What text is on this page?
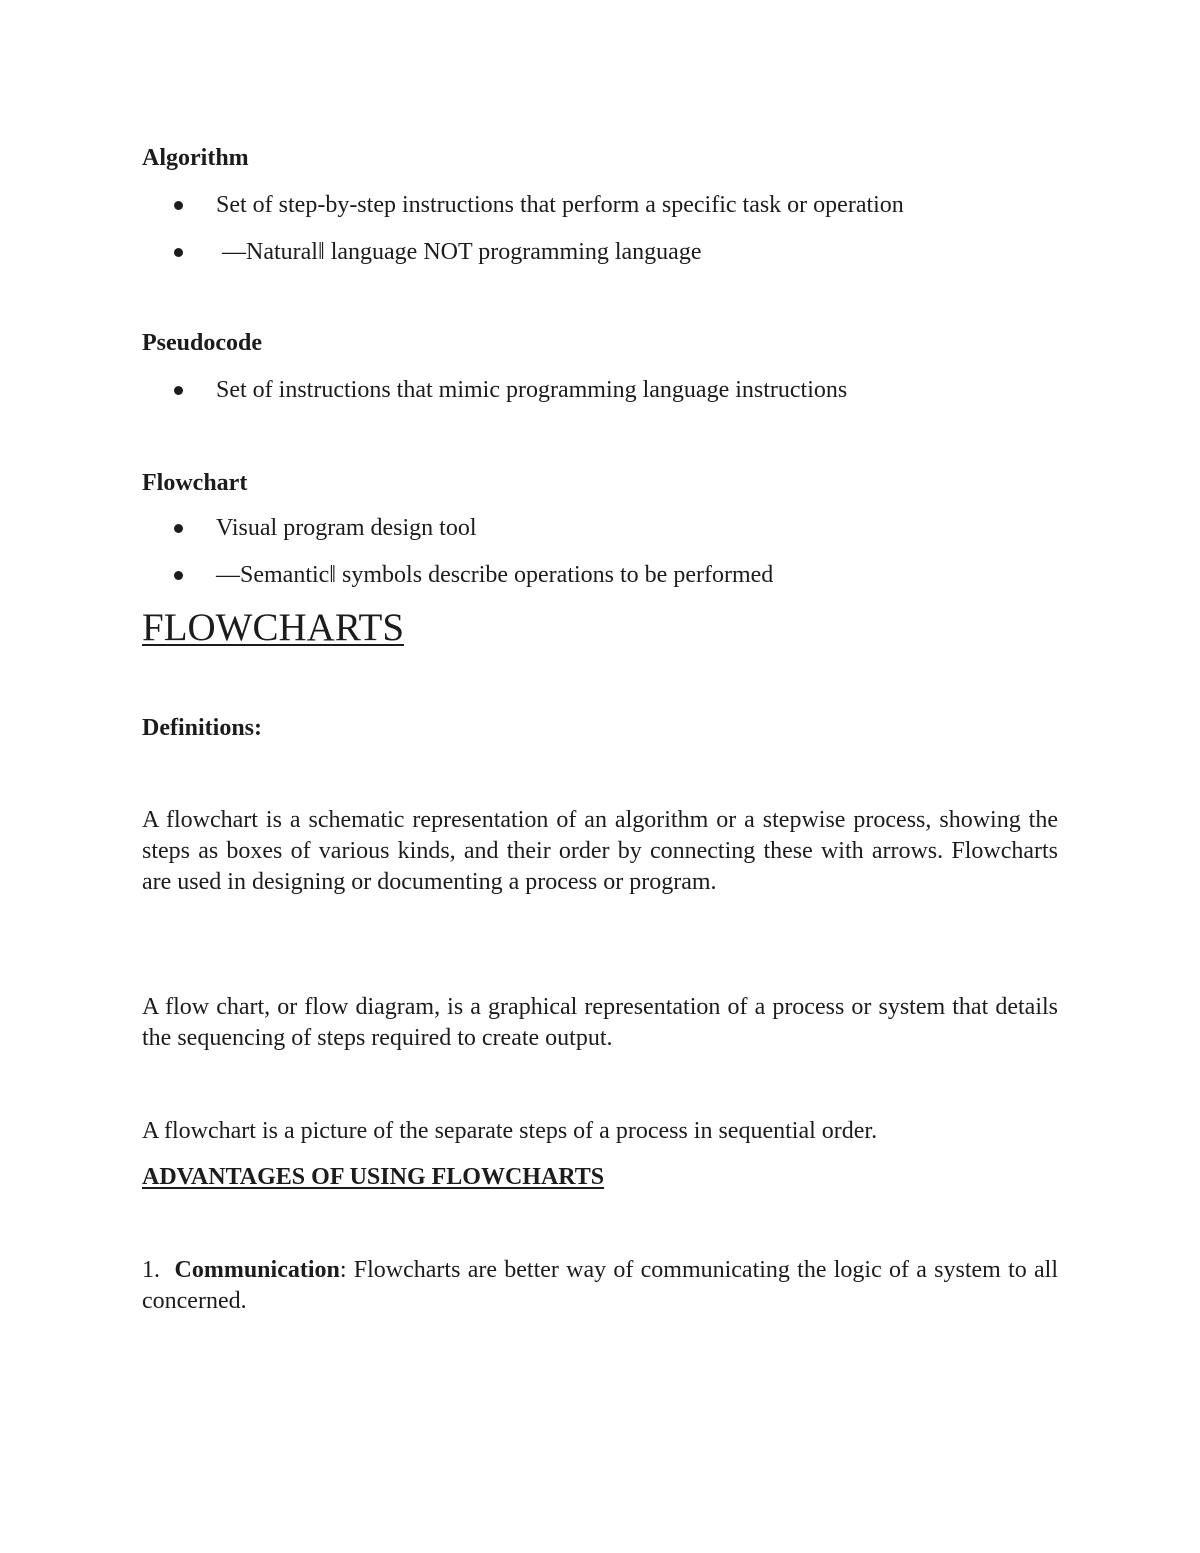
Algorithm

Set of step-by-step instructions that perform a specific task or operation
—Natural‖ language NOT programming language

Pseudocode

Set of instructions that mimic programming language instructions

Flowchart

Visual program design tool
—Semantic‖ symbols describe operations to be performed
FLOWCHARTS

Definitions:

A flowchart is a schematic representation of an algorithm or a stepwise process, showing the steps as boxes of various kinds, and their order by connecting these with arrows. Flowcharts are used in designing or documenting a process or program.

A flow chart, or flow diagram, is a graphical representation of a process or system that details the sequencing of steps required to create output.

A flowchart is a picture of the separate steps of a process in sequential order.

ADVANTAGES OF USING FLOWCHARTS

1. Communication: Flowcharts are better way of communicating the logic of a system to all concerned.
